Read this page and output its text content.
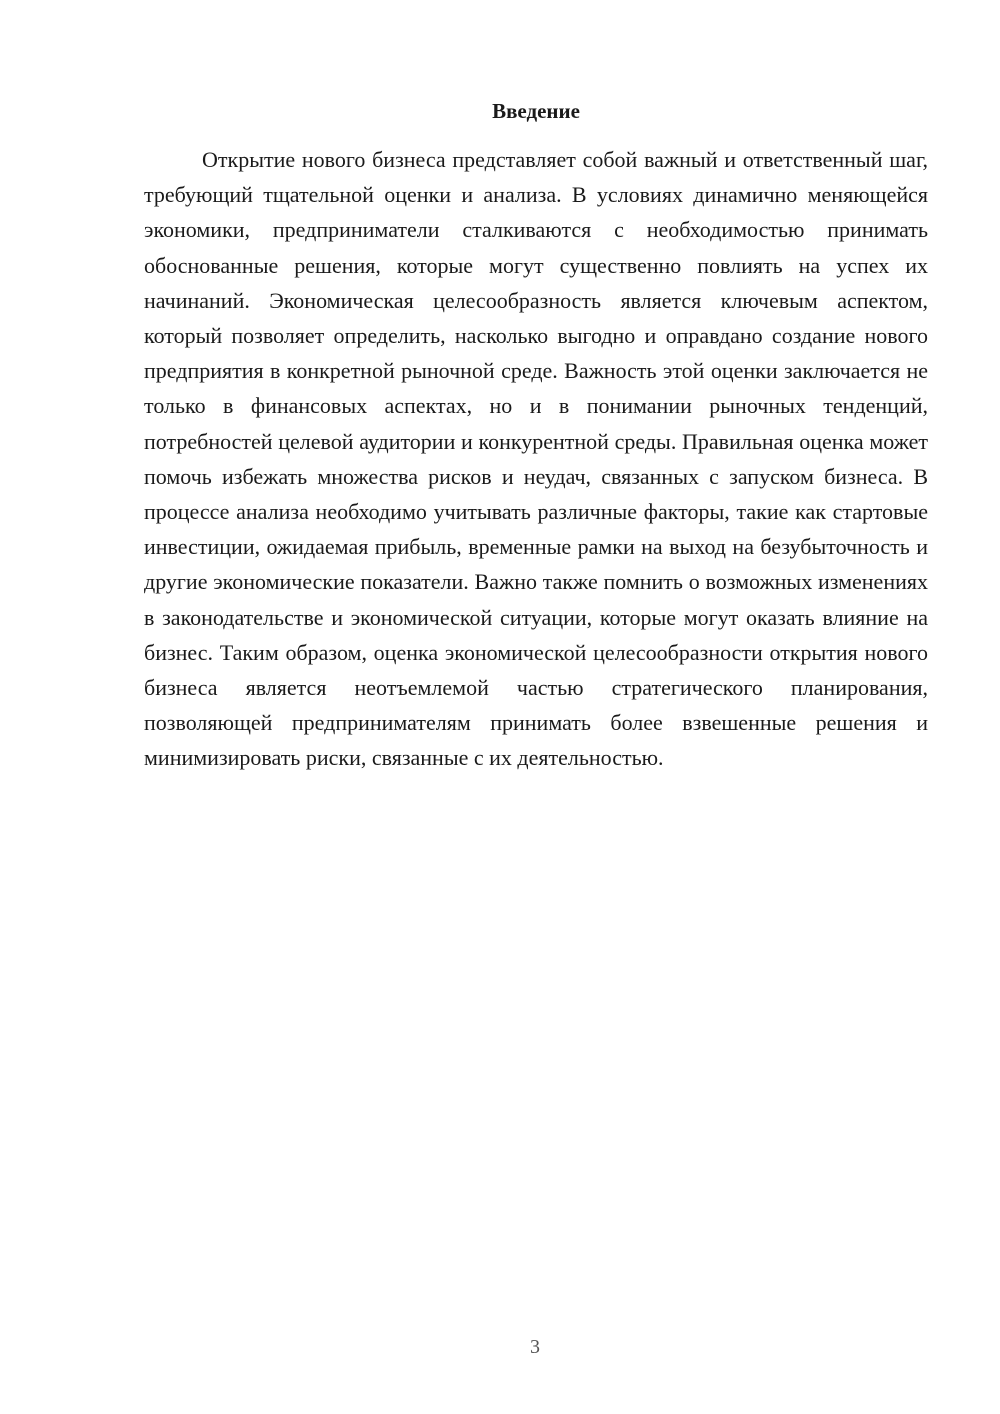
Введение

Открытие нового бизнеса представляет собой важный и ответственный шаг, требующий тщательной оценки и анализа. В условиях динамично меняющейся экономики, предприниматели сталкиваются с необходимостью принимать обоснованные решения, которые могут существенно повлиять на успех их начинаний. Экономическая целесообразность является ключевым аспектом, который позволяет определить, насколько выгодно и оправдано создание нового предприятия в конкретной рыночной среде. Важность этой оценки заключается не только в финансовых аспектах, но и в понимании рыночных тенденций, потребностей целевой аудитории и конкурентной среды. Правильная оценка может помочь избежать множества рисков и неудач, связанных с запуском бизнеса. В процессе анализа необходимо учитывать различные факторы, такие как стартовые инвестиции, ожидаемая прибыль, временные рамки на выход на безубыточность и другие экономические показатели. Важно также помнить о возможных изменениях в законодательстве и экономической ситуации, которые могут оказать влияние на бизнес. Таким образом, оценка экономической целесообразности открытия нового бизнеса является неотъемлемой частью стратегического планирования, позволяющей предпринимателям принимать более взвешенные решения и минимизировать риски, связанные с их деятельностью.

3
